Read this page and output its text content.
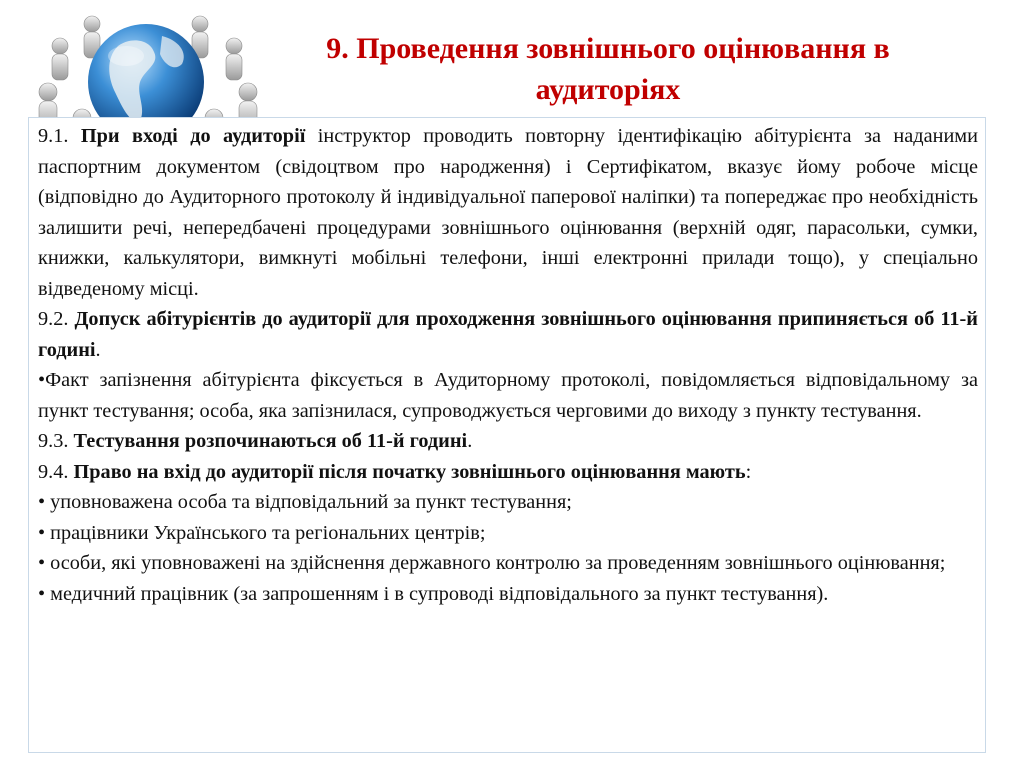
9. Проведення зовнішнього оцінювання в аудиторіях

9.1. При вході до аудиторії інструктор проводить повторну ідентифікацію абітурієнта за наданими паспортним документом (свідоцтвом про народження) і Сертифікатом, вказує йому робоче місце (відповідно до Аудиторного протоколу й індивідуальної паперової наліпки) та попереджає про необхідність залишити речі, непередбачені процедурами зовнішнього оцінювання (верхній одяг, парасольки, сумки, книжки, калькулятори, вимкнуті мобільні телефони, інші електронні прилади тощо), у спеціально відведеному місці.

9.2. Допуск абітурієнтів до аудиторії для проходження зовнішнього оцінювання припиняється об 11-й годині.

•Факт запізнення абітурієнта фіксується в Аудиторному протоколі, повідомляється відповідальному за пункт тестування; особа, яка запізнилася, супроводжується черговими до виходу з пункту тестування.

9.3. Тестування розпочинаються об 11-й годині.

9.4. Право на вхід до аудиторії після початку зовнішнього оцінювання мають:

• уповноважена особа та відповідальний за пункт тестування;
• працівники Українського та регіональних центрів;
• особи, які уповноважені на здійснення державного контролю за проведенням зовнішнього оцінювання;
• медичний працівник (за запрошенням і в супроводі відповідального за пункт тестування).
